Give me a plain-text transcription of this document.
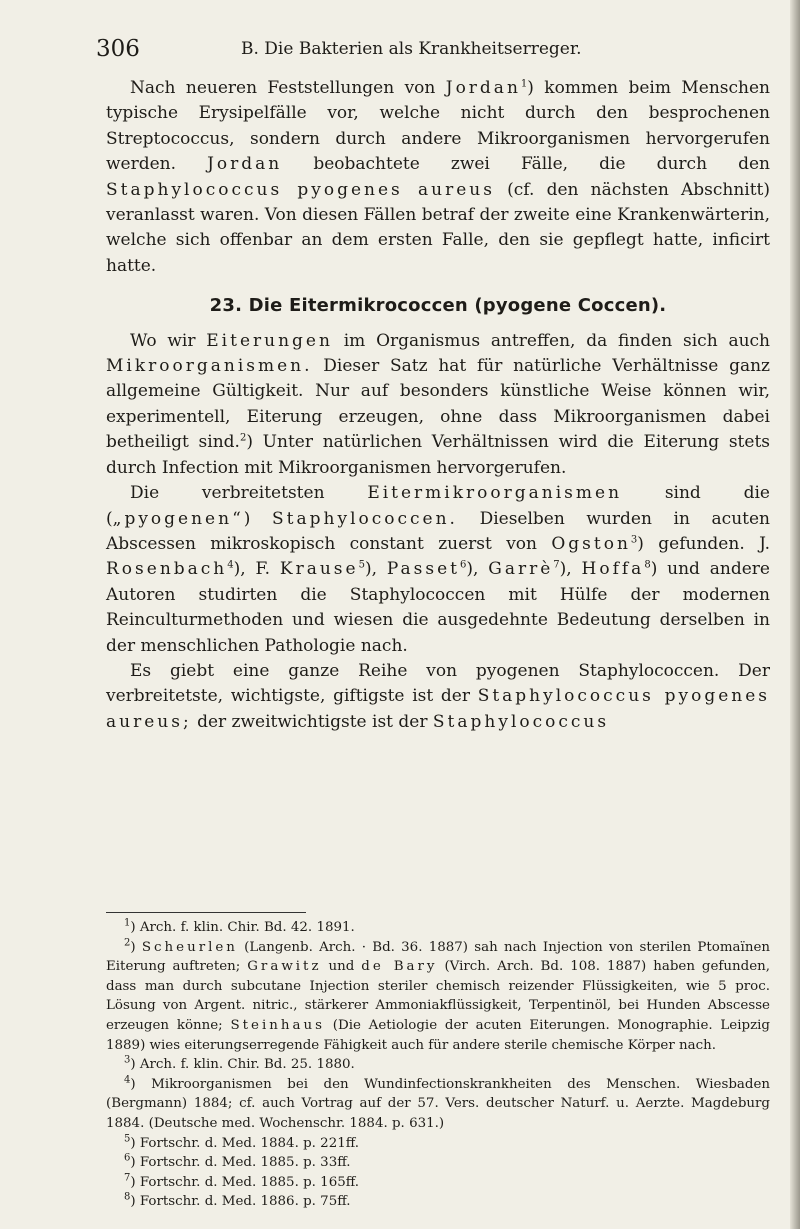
306	B. Die Bakterien als Krankheitserreger.

Nach neueren Feststellungen von Jordan$^1$) kommen beim Menschen typische Erysipelfälle vor, welche nicht durch den besprochenen Streptococcus, sondern durch andere Mikroorganismen hervorgerufen werden. Jordan beobachtete zwei Fälle, die durch den Staphylococcus pyogenes aureus (cf. den nächsten Abschnitt) veranlasst waren. Von diesen Fällen betraf der zweite eine Krankenwärterin, welche sich offenbar an dem ersten Falle, den sie gepflegt hatte, inficirt hatte.

23. Die Eitermikrococcen (pyogene Coccen).

Wo wir Eiterungen im Organismus antreffen, da finden sich auch Mikroorganismen. Dieser Satz hat für natürliche Verhältnisse ganz allgemeine Gültigkeit. Nur auf besonders künstliche Weise können wir, experimentell, Eiterung erzeugen, ohne dass Mikroorganismen dabei betheiligt sind.$^2$) Unter natürlichen Verhältnissen wird die Eiterung stets durch Infection mit Mikroorganismen hervorgerufen.

Die verbreitetsten Eitermikroorganismen sind die („pyogenen“) Staphylococcen. Dieselben wurden in acuten Abscessen mikroskopisch constant zuerst von Ogston$^3$) gefunden. J. Rosenbach$^4$), F. Krause$^5$), Passet$^6$), Garrè$^7$), Hoffa$^8$) und andere Autoren studirten die Staphylococcen mit Hülfe der modernen Reinculturmethoden und wiesen die ausgedehnte Bedeutung derselben in der menschlichen Pathologie nach.

Es giebt eine ganze Reihe von pyogenen Staphylococcen. Der verbreitetste, wichtigste, giftigste ist der Staphylococcus pyogenes aureus; der zweitwichtigste ist der Staphylococcus

$^1$) Arch. f. klin. Chir. Bd. 42. 1891.

$^2$) Scheurlen (Langenb. Arch. · Bd. 36. 1887) sah nach Injection von sterilen Ptomaïnen Eiterung auftreten; Grawitz und de Bary (Virch. Arch. Bd. 108. 1887) haben gefunden, dass man durch subcutane Injection steriler chemisch reizender Flüssigkeiten, wie 5 proc. Lösung von Argent. nitric., stärkerer Ammoniakflüssigkeit, Terpentinöl, bei Hunden Abscesse erzeugen könne; Steinhaus (Die Aetiologie der acuten Eiterungen. Monographie. Leipzig 1889) wies eiterungserregende Fähigkeit auch für andere sterile chemische Körper nach.

$^3$) Arch. f. klin. Chir. Bd. 25. 1880.

$^4$) Mikroorganismen bei den Wundinfectionskrankheiten des Menschen. Wiesbaden (Bergmann) 1884; cf. auch Vortrag auf der 57. Vers. deutscher Naturf. u. Aerzte. Magdeburg 1884. (Deutsche med. Wochenschr. 1884. p. 631.)

$^5$) Fortschr. d. Med. 1884. p. 221ff.

$^6$) Fortschr. d. Med. 1885. p. 33ff.

$^7$) Fortschr. d. Med. 1885. p. 165ff.

$^8$) Fortschr. d. Med. 1886. p. 75ff.
